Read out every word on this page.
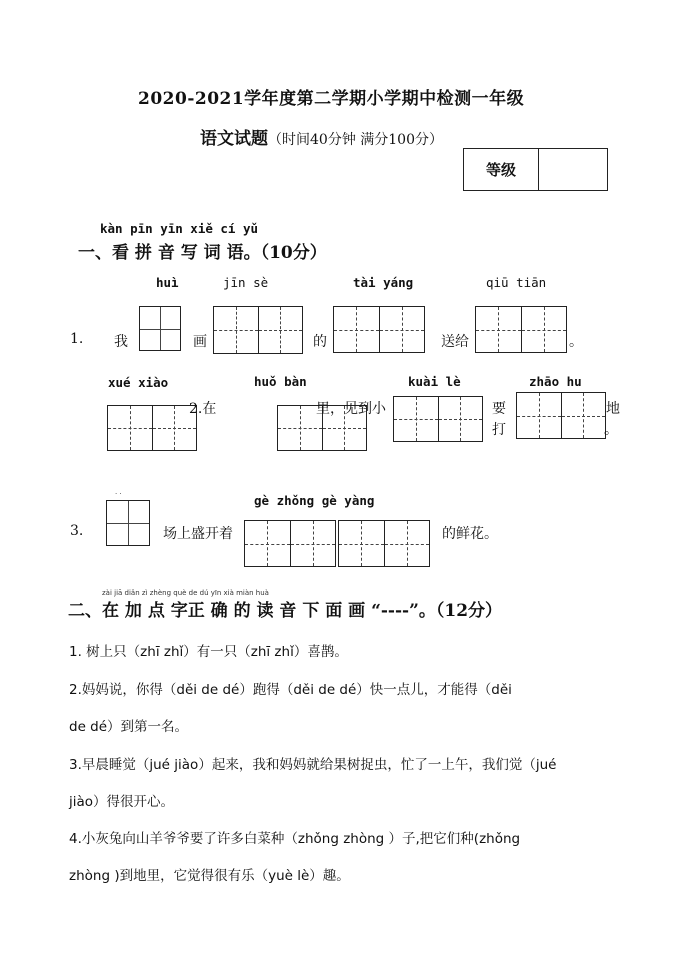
2020-2021学年度第二学期小学期中检测一年级
语文试题（时间40分钟 满分100分）
等级
kàn pīn yīn xiě cí yǔ
一、看 拼 音 写 词 语。（10分）
huì	jīn sè	tài yáng	qiū tiān
1. 我	画	的	送给	。
xué xiào	huǒ bàn	kuài lè	zhāo hu
2.在	里，见到小	要
打
地
。
· ·	gè zhǒng gè yàng
3.	场上盛开着	的鲜花。
zài jiā diǎn zì zhèng què de dú yīn xià miàn huà
二、在 加 点 字正 确 的 读 音 下 面 画 “----”。（12分）
1. 树上只（zhī zhǐ）有一只（zhī zhǐ）喜鹊。
2.妈妈说，你得（děi de dé）跑得（děi de dé）快一点儿，才能得（děi
de dé）到第一名。
3.早晨睡觉（jué jiào）起来，我和妈妈就给果树捉虫，忙了一上午，我们觉（jué
jiào）得很开心。
4.小灰兔向山羊爷爷要了许多白菜种（zhǒng zhòng ）子,把它们种(zhǒng
zhòng )到地里，它觉得很有乐（yuè lè）趣。
